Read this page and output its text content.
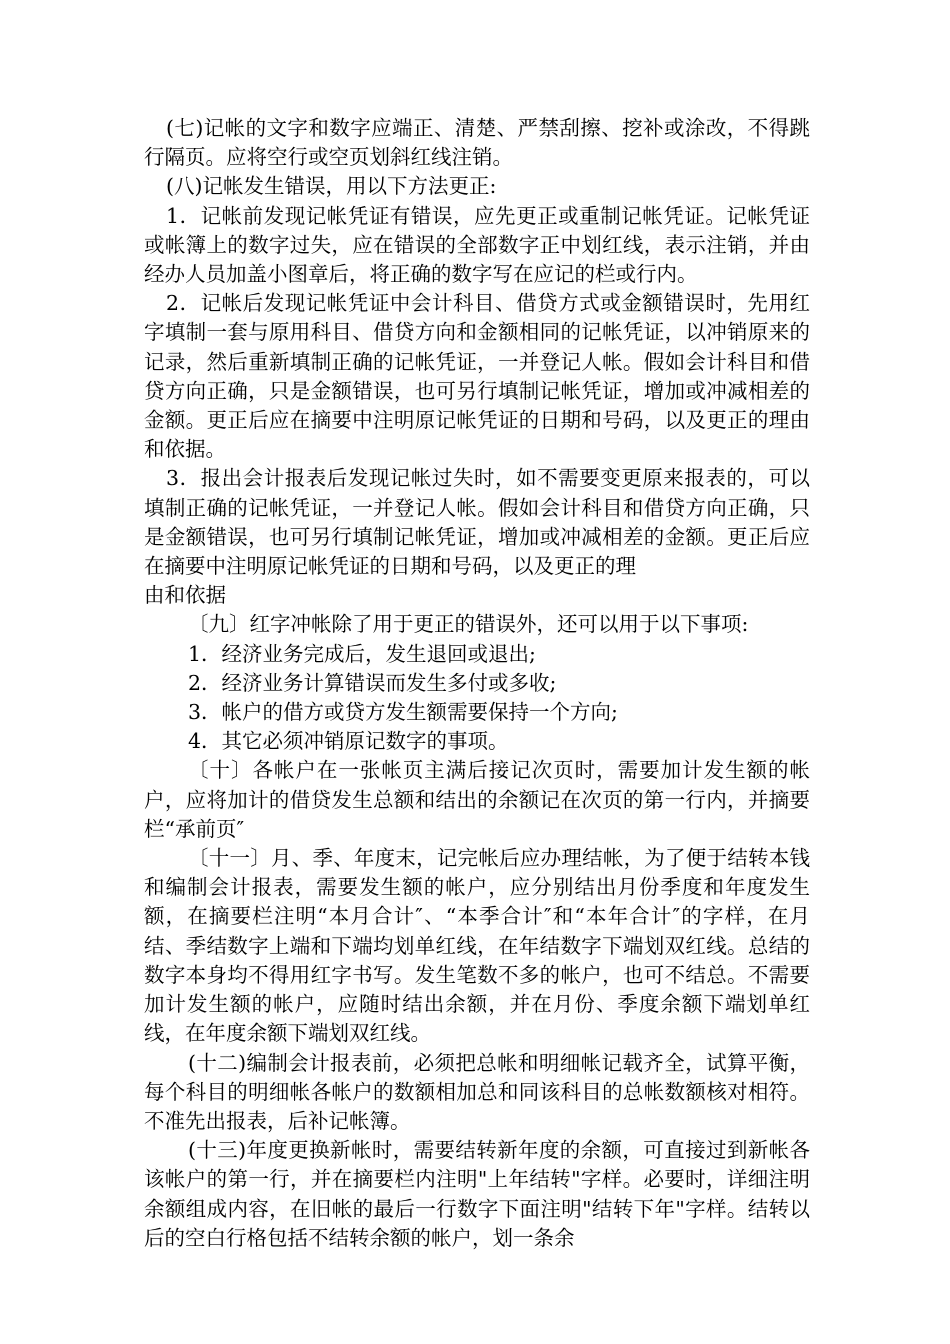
(七)记帐的文字和数字应端正、清楚、严禁刮擦、挖补或涂改，不得跳行隔页。应将空行或空页划斜红线注销。

(八)记帐发生错误，用以下方法更正:

1．记帐前发现记帐凭证有错误，应先更正或重制记帐凭证。记帐凭证或帐簿上的数字过失，应在错误的全部数字正中划红线，表示注销，并由经办人员加盖小图章后，将正确的数字写在应记的栏或行内。

2．记帐后发现记帐凭证中会计科目、借贷方式或金额错误时，先用红字填制一套与原用科目、借贷方向和金额相同的记帐凭证，以冲销原来的记录，然后重新填制正确的记帐凭证，一并登记人帐。假如会计科目和借贷方向正确，只是金额错误，也可另行填制记帐凭证，增加或冲减相差的金额。更正后应在摘要中注明原记帐凭证的日期和号码，以及更正的理由和依据。

3．报出会计报表后发现记帐过失时，如不需要变更原来报表的，可以填制正确的记帐凭证，一并登记人帐。假如会计科目和借贷方向正确，只是金额错误，也可另行填制记帐凭证，增加或冲减相差的金额。更正后应在摘要中注明原记帐凭证的日期和号码，以及更正的理

由和依据

〔九〕红字冲帐除了用于更正的错误外，还可以用于以下事项:

1．经济业务完成后，发生退回或退出;

2．经济业务计算错误而发生多付或多收;

3．帐户的借方或贷方发生额需要保持一个方向;

4．其它必须冲销原记数字的事项。

〔十〕各帐户在一张帐页主满后接记次页时，需要加计发生额的帐户，应将加计的借贷发生总额和结出的余额记在次页的第一行内，并摘要栏“承前页″

〔十一〕月、季、年度末，记完帐后应办理结帐，为了便于结转本钱和编制会计报表，需要发生额的帐户，应分别结出月份季度和年度发生额，在摘要栏注明“本月合计″、“本季合计″和“本年合计″的字样，在月结、季结数字上端和下端均划单红线，在年结数字下端划双红线。总结的数字本身均不得用红字书写。发生笔数不多的帐户，也可不结总。不需要加计发生额的帐户，应随时结出余额，并在月份、季度余额下端划单红线，在年度余额下端划双红线。

(十二)编制会计报表前，必须把总帐和明细帐记载齐全，试算平衡，每个科目的明细帐各帐户的数额相加总和同该科目的总帐数额核对相符。不准先出报表，后补记帐簿。

(十三)年度更换新帐时，需要结转新年度的余额，可直接过到新帐各该帐户的第一行，并在摘要栏内注明"上年结转"字样。必要时，详细注明余额组成内容，在旧帐的最后一行数字下面注明"结转下年"字样。结转以后的空白行格包括不结转余额的帐户，划一条余
